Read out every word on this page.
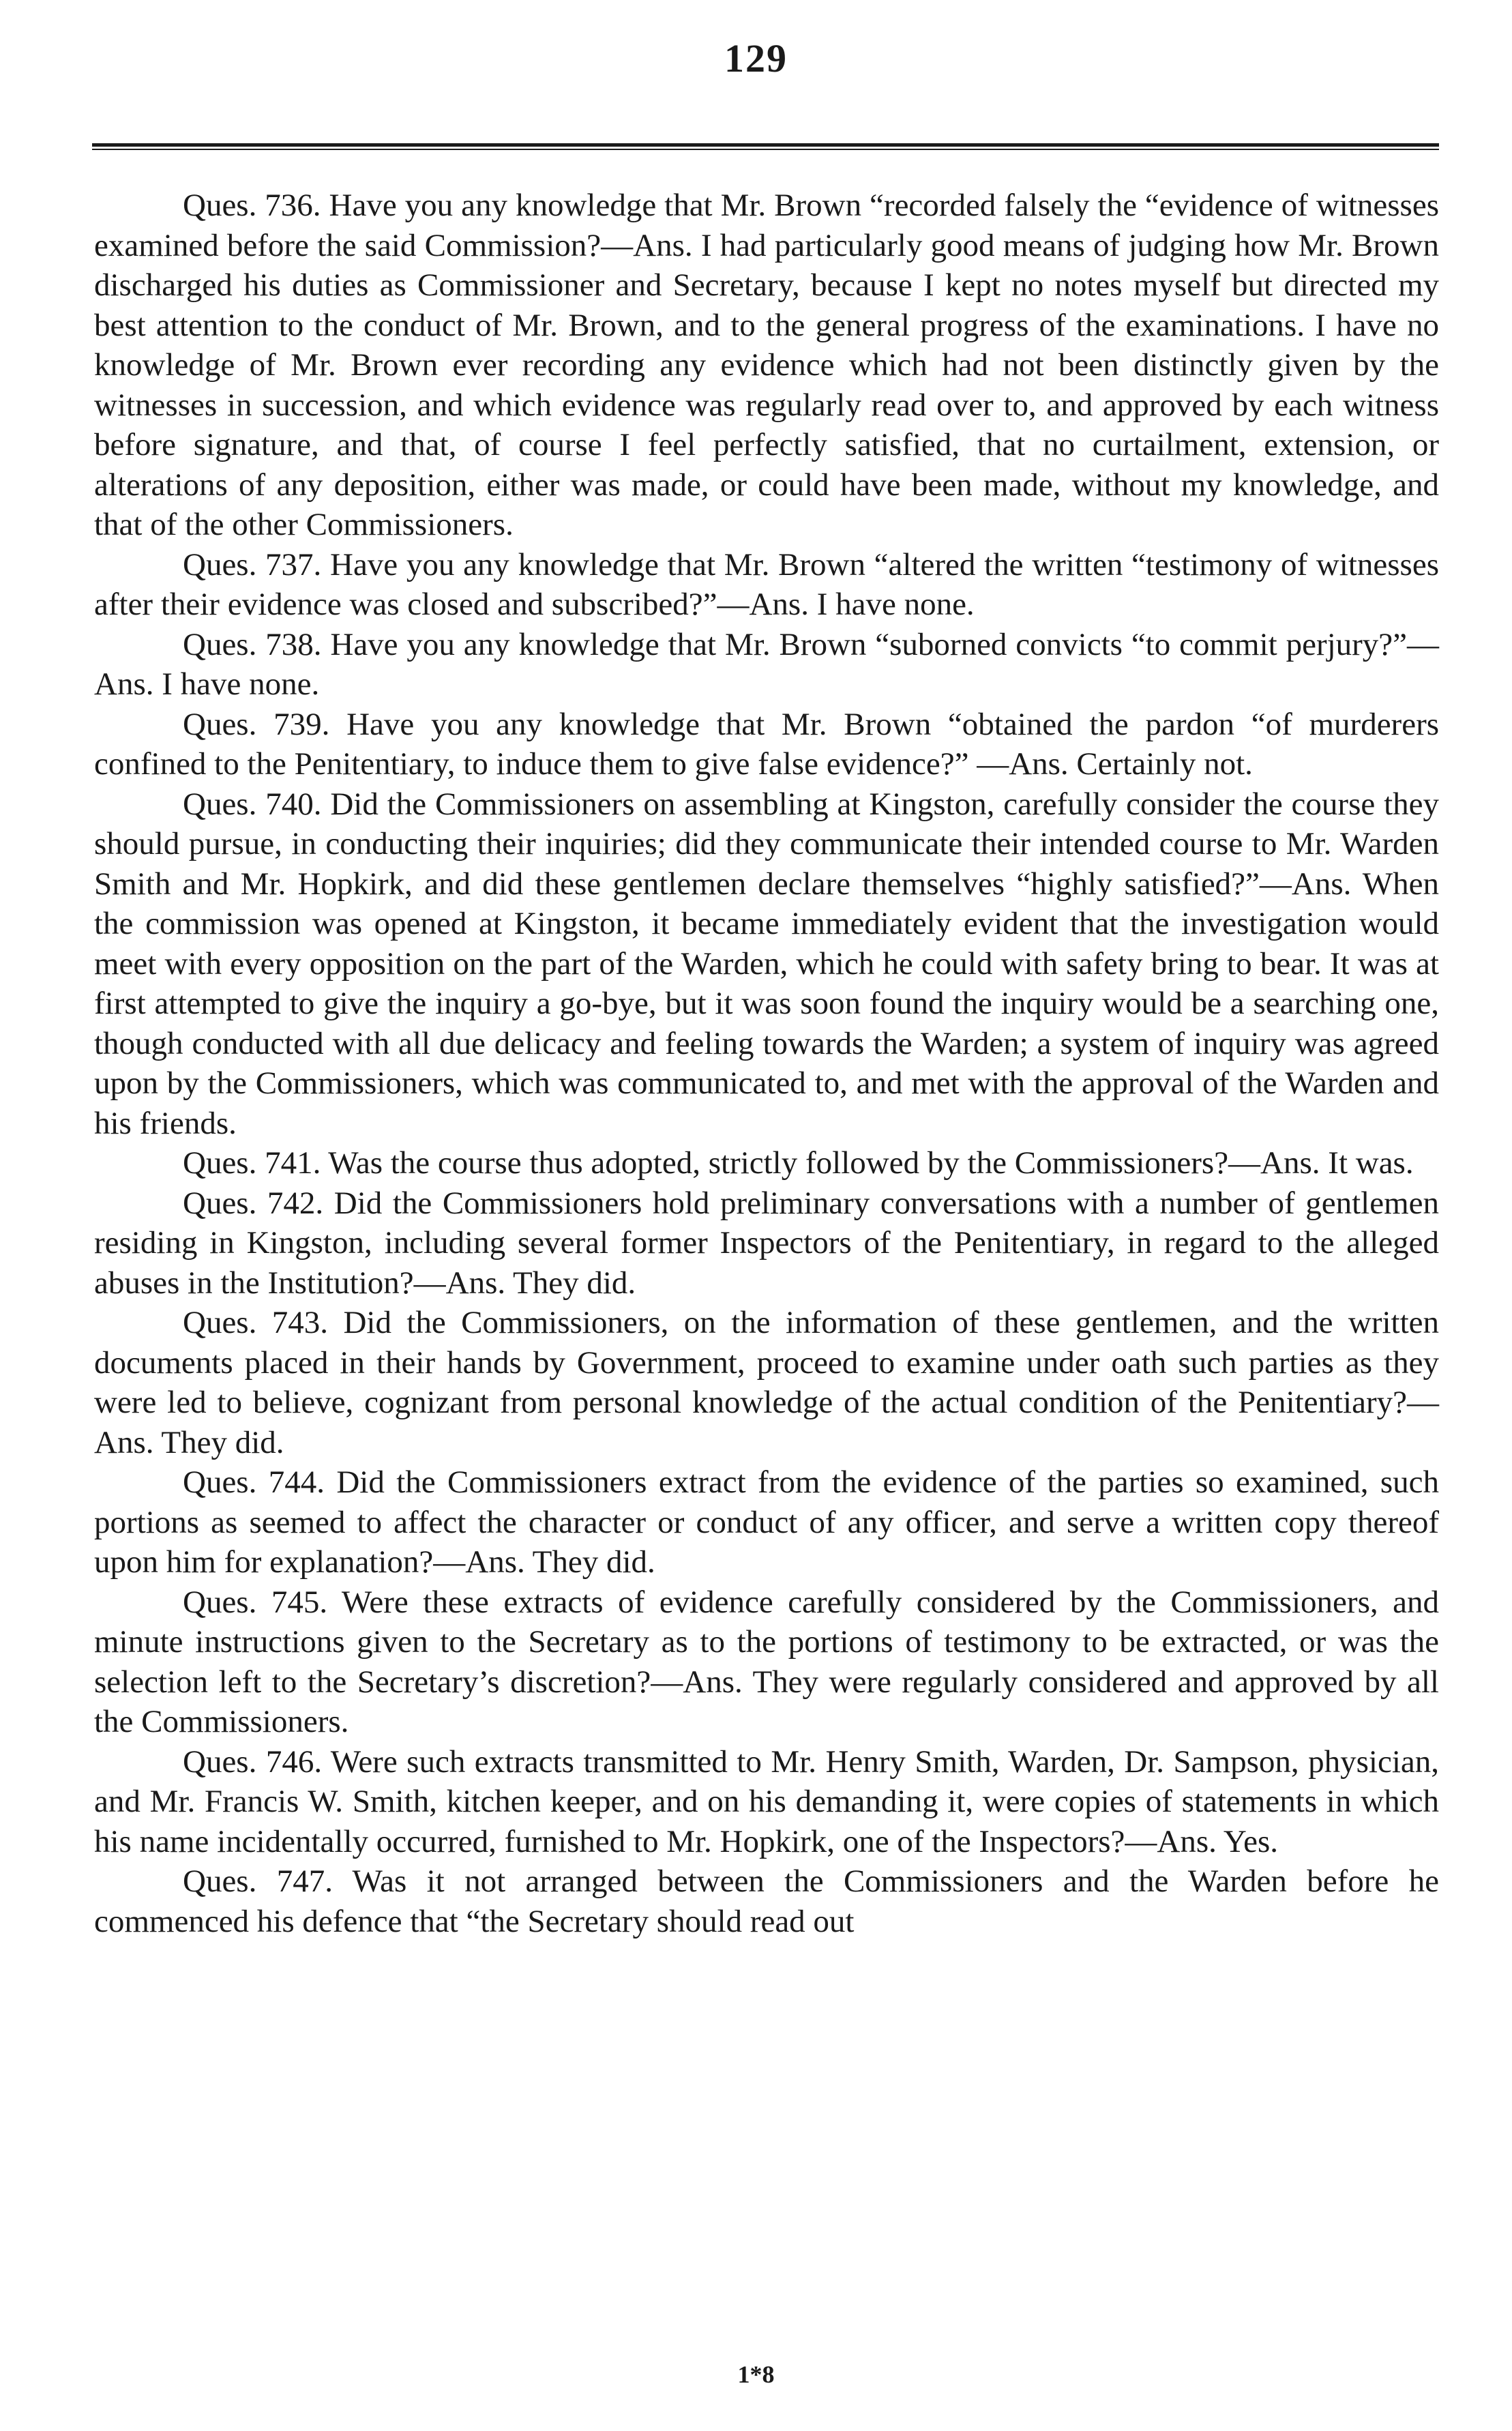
129

Ques. 736. Have you any knowledge that Mr. Brown “recorded falsely the “evidence of witnesses examined before the said Commission?—Ans. I had particularly good means of judging how Mr. Brown discharged his duties as Commissioner and Secretary, because I kept no notes myself but directed my best attention to the conduct of Mr. Brown, and to the general progress of the examinations. I have no knowledge of Mr. Brown ever recording any evidence which had not been distinctly given by the witnesses in succession, and which evidence was regularly read over to, and approved by each witness before signature, and that, of course I feel perfectly satisfied, that no curtailment, extension, or alterations of any deposition, either was made, or could have been made, without my knowledge, and that of the other Commissioners.

Ques. 737. Have you any knowledge that Mr. Brown “altered the written “testimony of witnesses after their evidence was closed and subscribed?”—Ans. I have none.

Ques. 738. Have you any knowledge that Mr. Brown “suborned convicts “to commit perjury?”—Ans. I have none.

Ques. 739. Have you any knowledge that Mr. Brown “obtained the pardon “of murderers confined to the Penitentiary, to induce them to give false evidence?” —Ans. Certainly not.

Ques. 740. Did the Commissioners on assembling at Kingston, carefully consider the course they should pursue, in conducting their inquiries; did they communicate their intended course to Mr. Warden Smith and Mr. Hopkirk, and did these gentlemen declare themselves “highly satisfied?”—Ans. When the commission was opened at Kingston, it became immediately evident that the investigation would meet with every opposition on the part of the Warden, which he could with safety bring to bear. It was at first attempted to give the inquiry a go-bye, but it was soon found the inquiry would be a searching one, though conducted with all due delicacy and feeling towards the Warden; a system of inquiry was agreed upon by the Commissioners, which was communicated to, and met with the approval of the Warden and his friends.

Ques. 741. Was the course thus adopted, strictly followed by the Commissioners?—Ans. It was.

Ques. 742. Did the Commissioners hold preliminary conversations with a number of gentlemen residing in Kingston, including several former Inspectors of the Penitentiary, in regard to the alleged abuses in the Institution?—Ans. They did.

Ques. 743. Did the Commissioners, on the information of these gentlemen, and the written documents placed in their hands by Government, proceed to examine under oath such parties as they were led to believe, cognizant from personal knowledge of the actual condition of the Penitentiary?—Ans. They did.

Ques. 744. Did the Commissioners extract from the evidence of the parties so examined, such portions as seemed to affect the character or conduct of any officer, and serve a written copy thereof upon him for explanation?—Ans. They did.

Ques. 745. Were these extracts of evidence carefully considered by the Commissioners, and minute instructions given to the Secretary as to the portions of testimony to be extracted, or was the selection left to the Secretary’s discretion?—Ans. They were regularly considered and approved by all the Commissioners.

Ques. 746. Were such extracts transmitted to Mr. Henry Smith, Warden, Dr. Sampson, physician, and Mr. Francis W. Smith, kitchen keeper, and on his demanding it, were copies of statements in which his name incidentally occurred, furnished to Mr. Hopkirk, one of the Inspectors?—Ans. Yes.

Ques. 747. Was it not arranged between the Commissioners and the Warden before he commenced his defence that “the Secretary should read out

1*8
